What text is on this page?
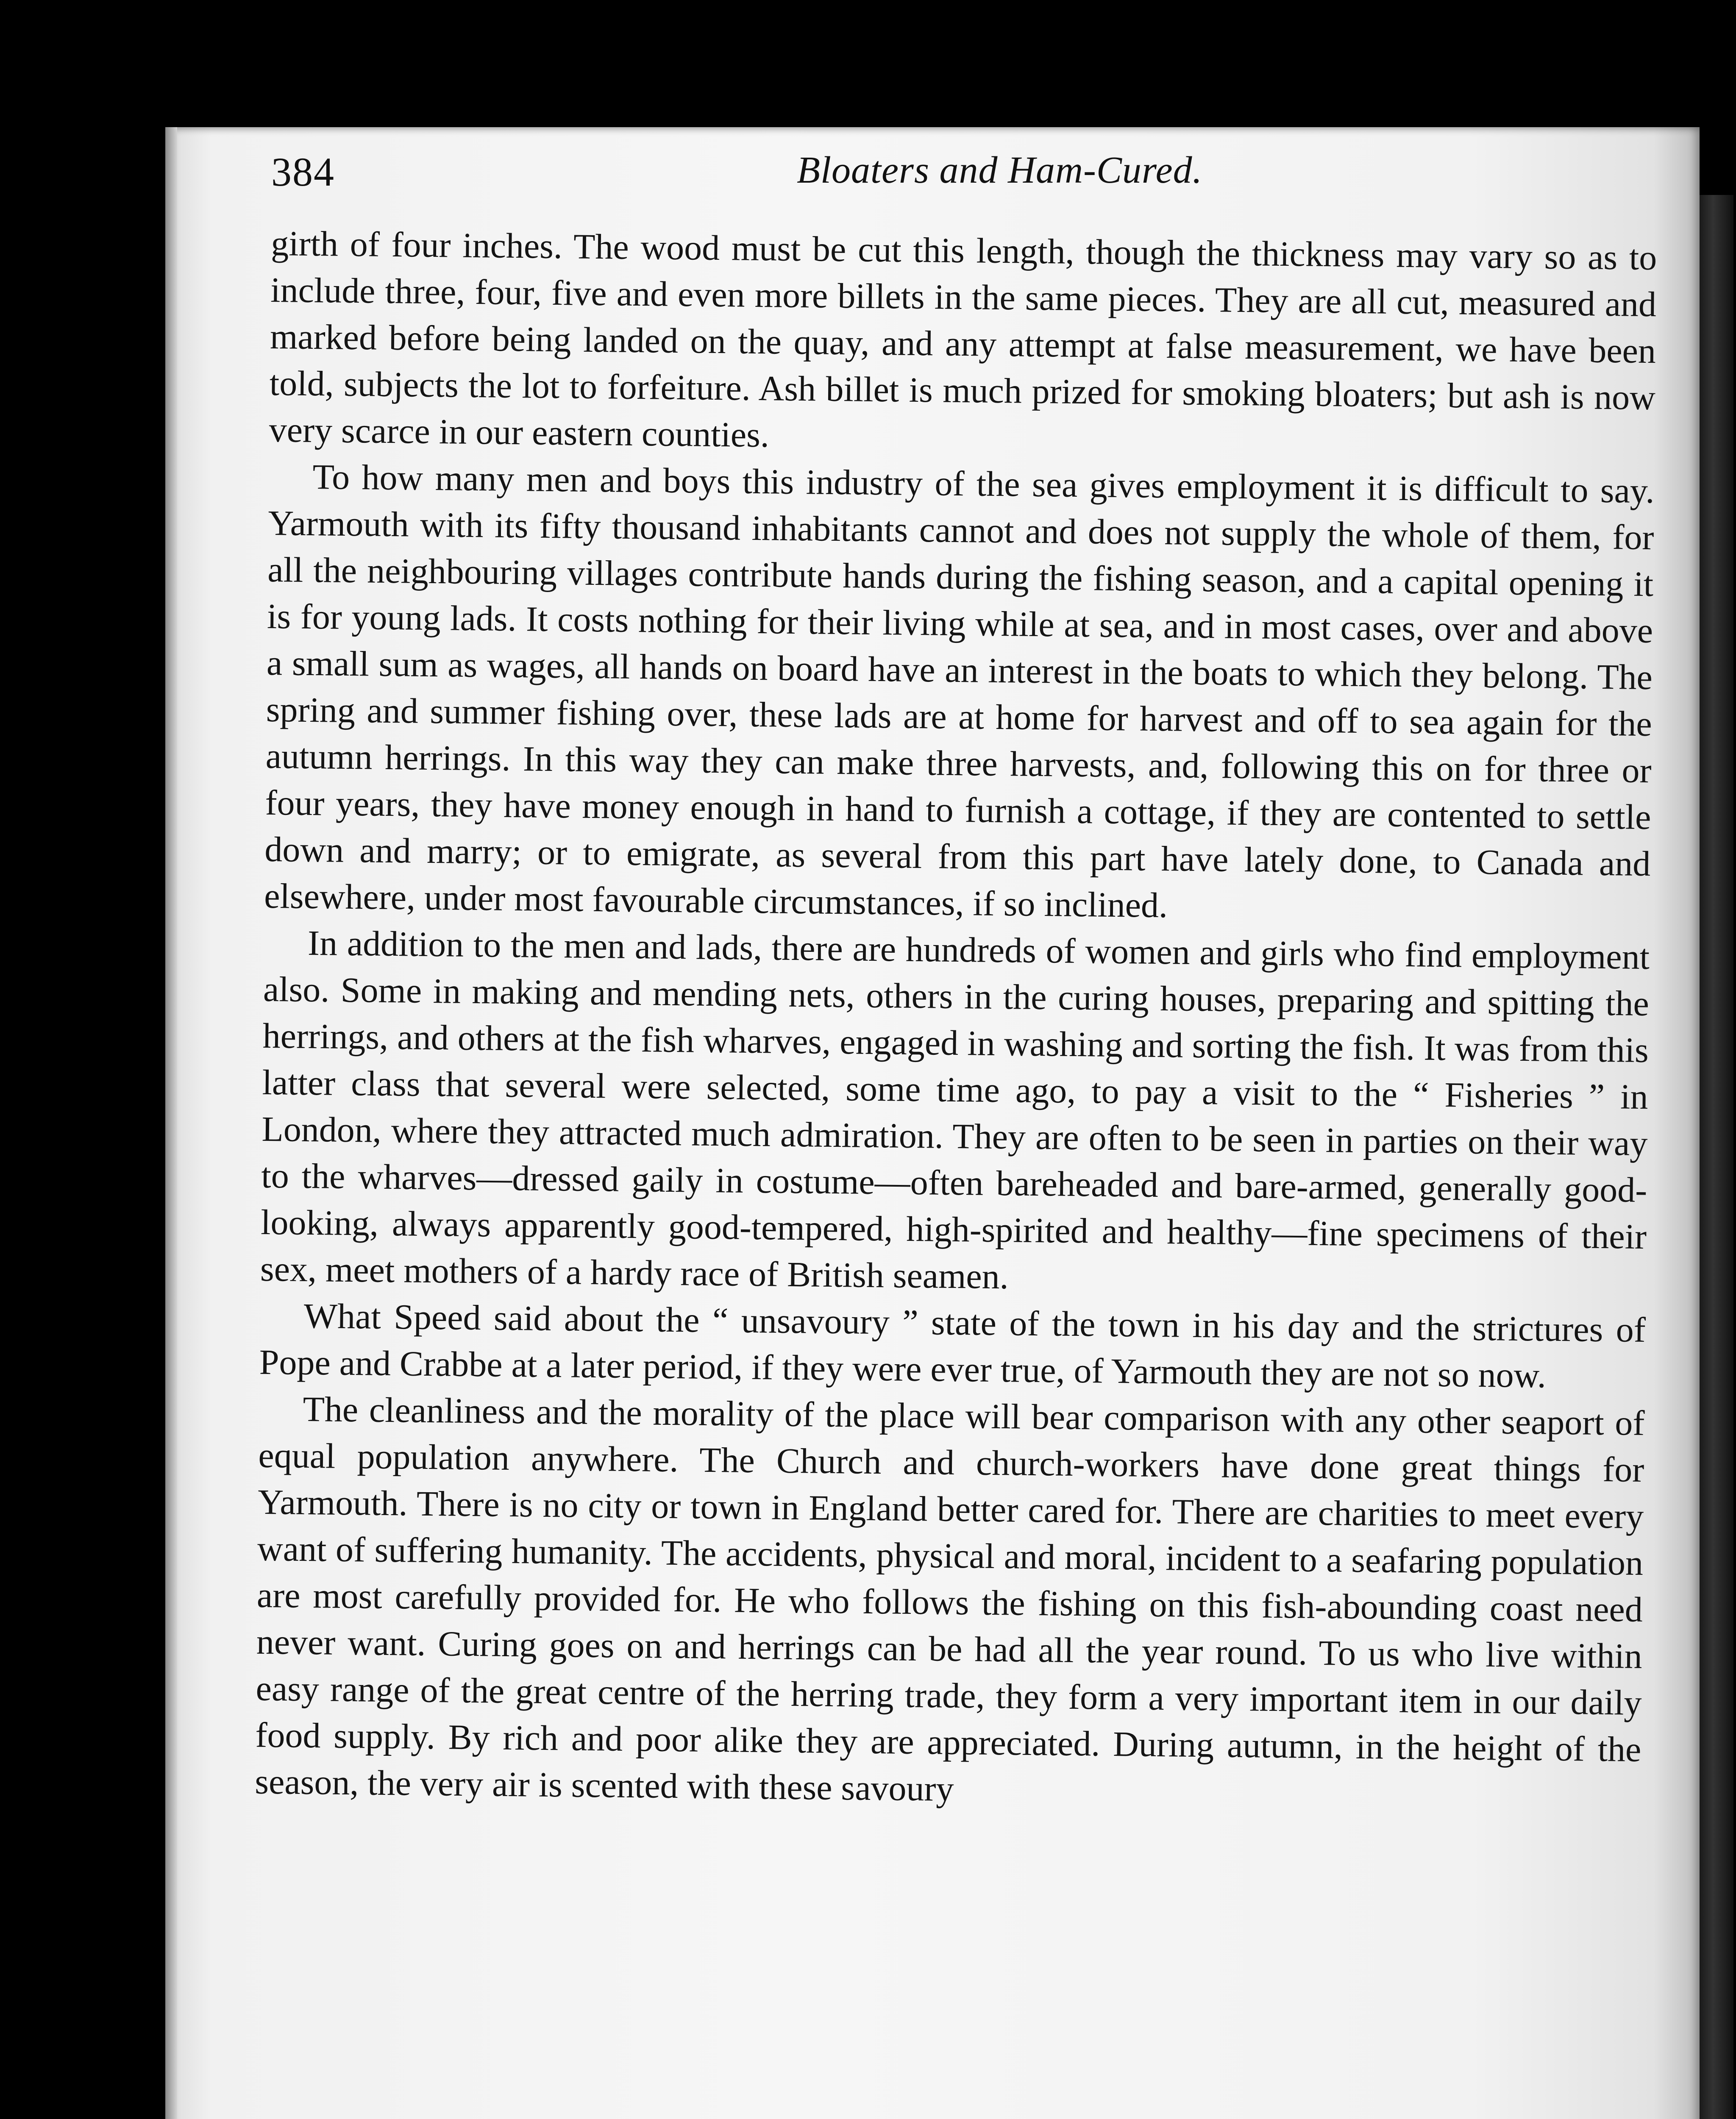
384	Bloaters and Ham-Cured.

girth of four inches. The wood must be cut this length, though the thickness may vary so as to include three, four, five and even more billets in the same pieces. They are all cut, measured and marked before being landed on the quay, and any attempt at false measurement, we have been told, subjects the lot to forfeiture. Ash billet is much prized for smoking bloaters; but ash is now very scarce in our eastern counties.

To how many men and boys this industry of the sea gives employment it is difficult to say. Yarmouth with its fifty thousand inhabitants cannot and does not supply the whole of them, for all the neighbouring villages contribute hands during the fishing season, and a capital opening it is for young lads. It costs nothing for their living while at sea, and in most cases, over and above a small sum as wages, all hands on board have an interest in the boats to which they belong. The spring and summer fishing over, these lads are at home for harvest and off to sea again for the autumn herrings. In this way they can make three harvests, and, following this on for three or four years, they have money enough in hand to furnish a cottage, if they are contented to settle down and marry; or to emigrate, as several from this part have lately done, to Canada and elsewhere, under most favourable circumstances, if so inclined.

In addition to the men and lads, there are hundreds of women and girls who find employment also. Some in making and mending nets, others in the curing houses, preparing and spitting the herrings, and others at the fish wharves, engaged in washing and sorting the fish. It was from this latter class that several were selected, some time ago, to pay a visit to the “ Fisheries ” in London, where they attracted much admiration. They are often to be seen in parties on their way to the wharves—dressed gaily in costume—often bareheaded and bare-armed, generally good-looking, always apparently good-tempered, high-spirited and healthy—fine specimens of their sex, meet mothers of a hardy race of British seamen.

What Speed said about the “ unsavoury ” state of the town in his day and the strictures of Pope and Crabbe at a later period, if they were ever true, of Yarmouth they are not so now.

The cleanliness and the morality of the place will bear comparison with any other seaport of equal population anywhere. The Church and church-workers have done great things for Yarmouth. There is no city or town in England better cared for. There are charities to meet every want of suffering humanity. The accidents, physical and moral, incident to a seafaring population are most carefully provided for. He who follows the fishing on this fish-abounding coast need never want. Curing goes on and herrings can be had all the year round. To us who live within easy range of the great centre of the herring trade, they form a very important item in our daily food supply. By rich and poor alike they are appreciated. During autumn, in the height of the season, the very air is scented with these savoury
